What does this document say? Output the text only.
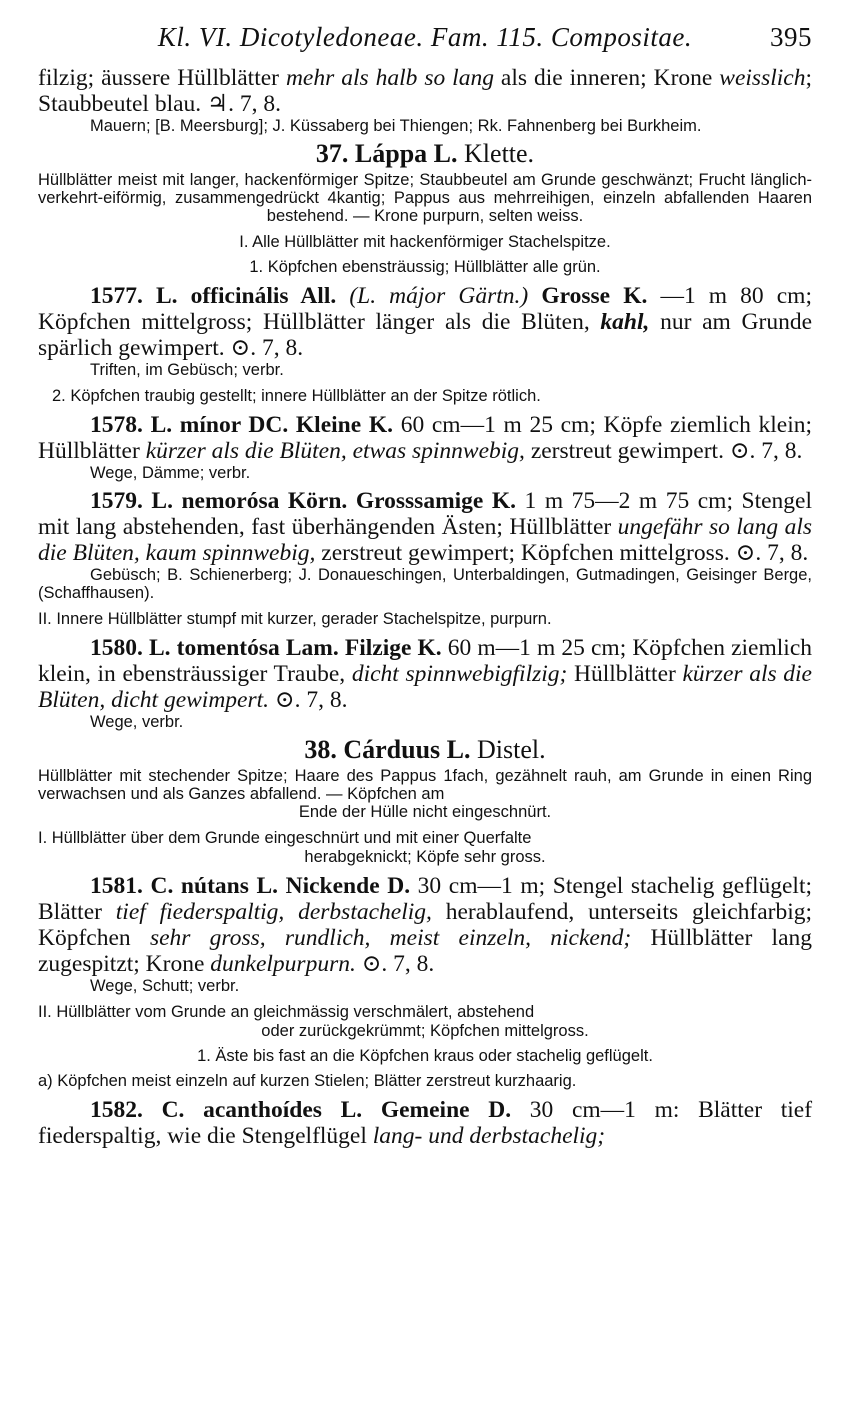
Kl. VI. Dicotyledoneae. Fam. 115. Compositae.	395

filzig; äussere Hüllblätter mehr als halb so lang als die inneren; Krone weisslich; Staubbeutel blau. ♃. 7, 8.

Mauern; [B. Meersburg]; J. Küssaberg bei Thiengen; Rk. Fahnenberg bei Burkheim.

37. Láppa L. Klette.

Hüllblätter meist mit langer, hackenförmiger Spitze; Staubbeutel am Grunde geschwänzt; Frucht länglich-verkehrt-eiförmig, zusammengedrückt 4kantig; Pappus aus mehrreihigen, einzeln abfallenden Haaren bestehend. — Krone purpurn, selten weiss.

I. Alle Hüllblätter mit hackenförmiger Stachelspitze.

1. Köpfchen ebensträussig; Hüllblätter alle grün.

1577. L. officinális All. (L. májor Gärtn.) Grosse K. —1 m 80 cm; Köpfchen mittelgross; Hüllblätter länger als die Blüten, kahl, nur am Grunde spärlich gewimpert. ⊙. 7, 8.

Triften, im Gebüsch; verbr.

2. Köpfchen traubig gestellt; innere Hüllblätter an der Spitze rötlich.

1578. L. mínor DC. Kleine K. 60 cm—1 m 25 cm; Köpfe ziemlich klein; Hüllblätter kürzer als die Blüten, etwas spinnwebig, zerstreut gewimpert. ⊙. 7, 8.

Wege, Dämme; verbr.

1579. L. nemorósa Körn. Grosssamige K. 1 m 75—2 m 75 cm; Stengel mit lang abstehenden, fast überhängenden Ästen; Hüllblätter ungefähr so lang als die Blüten, kaum spinnwebig, zerstreut gewimpert; Köpfchen mittelgross. ⊙. 7, 8.

Gebüsch; B. Schienerberg; J. Donaueschingen, Unterbaldingen, Gutmadingen, Geisinger Berge, (Schaffhausen).

II. Innere Hüllblätter stumpf mit kurzer, gerader Stachelspitze, purpurn.

1580. L. tomentósa Lam. Filzige K. 60 m—1 m 25 cm; Köpfchen ziemlich klein, in ebensträussiger Traube, dicht spinnwebigfilzig; Hüllblätter kürzer als die Blüten, dicht gewimpert. ⊙. 7, 8.

Wege, verbr.

38. Cárduus L. Distel.

Hüllblätter mit stechender Spitze; Haare des Pappus 1fach, gezähnelt rauh, am Grunde in einen Ring verwachsen und als Ganzes abfallend. — Köpfchen am

Ende der Hülle nicht eingeschnürt.

I. Hüllblätter über dem Grunde eingeschnürt und mit einer Querfalte

herabgeknickt; Köpfe sehr gross.

1581. C. nútans L. Nickende D. 30 cm—1 m; Stengel stachelig geflügelt; Blätter tief fiederspaltig, derbstachelig, herablaufend, unterseits gleichfarbig; Köpfchen sehr gross, rundlich, meist einzeln, nickend; Hüllblätter lang zugespitzt; Krone dunkelpurpurn. ⊙. 7, 8.

Wege, Schutt; verbr.

II. Hüllblätter vom Grunde an gleichmässig verschmälert, abstehend

oder zurückgekrümmt; Köpfchen mittelgross.

1. Äste bis fast an die Köpfchen kraus oder stachelig geflügelt.

a) Köpfchen meist einzeln auf kurzen Stielen; Blätter zerstreut kurzhaarig.

1582. C. acanthoídes L. Gemeine D. 30 cm—1 m: Blätter tief fiederspaltig, wie die Stengelflügel lang- und derbstachelig;
